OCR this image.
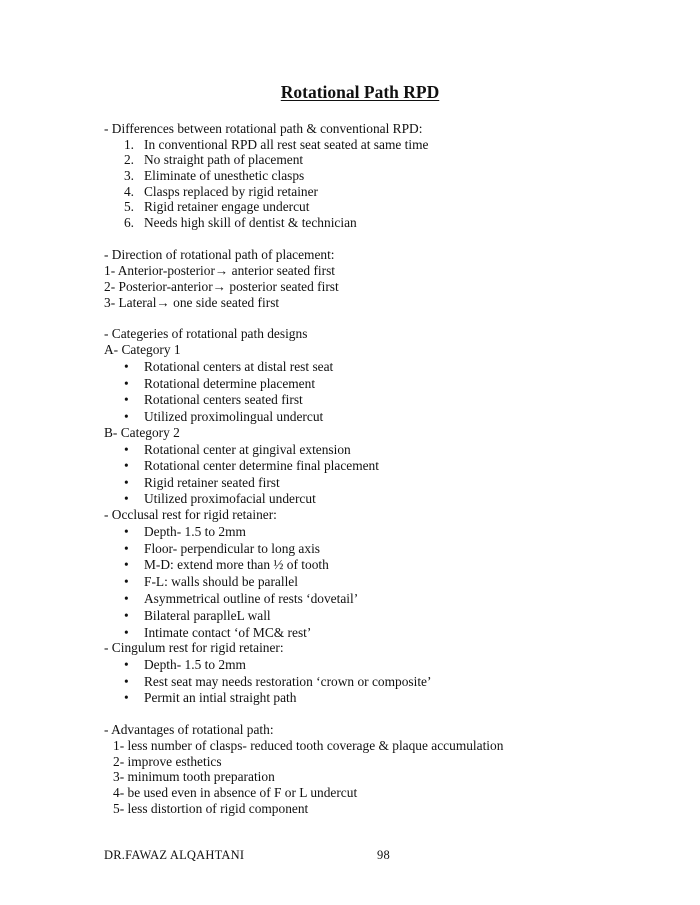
Rotational Path RPD
- Differences between rotational path & conventional RPD:
1. In conventional RPD all rest seat seated at same time
2. No straight path of placement
3. Eliminate of unesthetic clasps
4. Clasps replaced by rigid retainer
5. Rigid retainer engage undercut
6. Needs high skill of dentist & technician
- Direction of rotational path of placement:
1- Anterior-posterior→ anterior seated first
2- Posterior-anterior→ posterior seated first
3- Lateral→ one side seated first
- Categeries of rotational path designs
A- Category 1
• Rotational centers at distal rest seat
• Rotational determine placement
• Rotational centers seated first
• Utilized proximolingual undercut
B- Category 2
• Rotational center at gingival extension
• Rotational center determine final placement
• Rigid retainer seated first
• Utilized proximofacial undercut
- Occlusal rest for rigid retainer:
• Depth- 1.5 to 2mm
• Floor- perpendicular to long axis
• M-D: extend more than ½ of tooth
• F-L: walls should be parallel
• Asymmetrical outline of rests ‘dovetail’
• Bilateral paraplleL wall
• Intimate contact ‘of MC& rest’
- Cingulum rest for rigid retainer:
• Depth- 1.5 to 2mm
• Rest seat may needs restoration ‘crown or composite’
• Permit an intial straight path
- Advantages of rotational path:
1- less number of clasps- reduced tooth coverage & plaque accumulation
2- improve esthetics
3- minimum tooth preparation
4- be used even in absence of F or L undercut
5- less distortion of rigid component
DR.FAWAZ ALQAHTANI	98
